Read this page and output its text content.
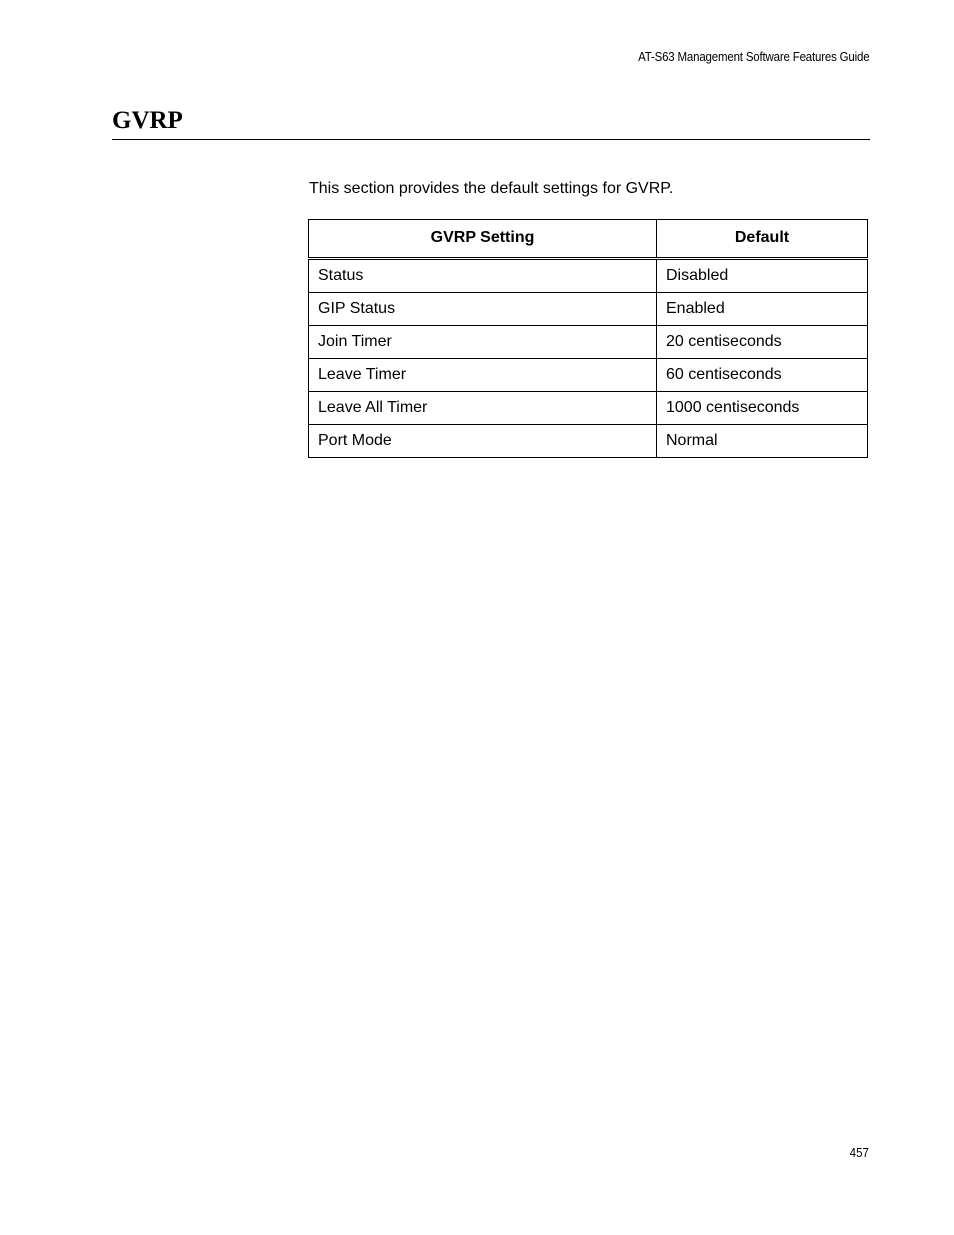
AT-S63 Management Software Features Guide
GVRP

This section provides the default settings for GVRP.

GVRP Setting	Default
Status	Disabled
GIP Status	Enabled
Join Timer	20 centiseconds
Leave Timer	60 centiseconds
Leave All Timer	1000 centiseconds
Port Mode	Normal
457
